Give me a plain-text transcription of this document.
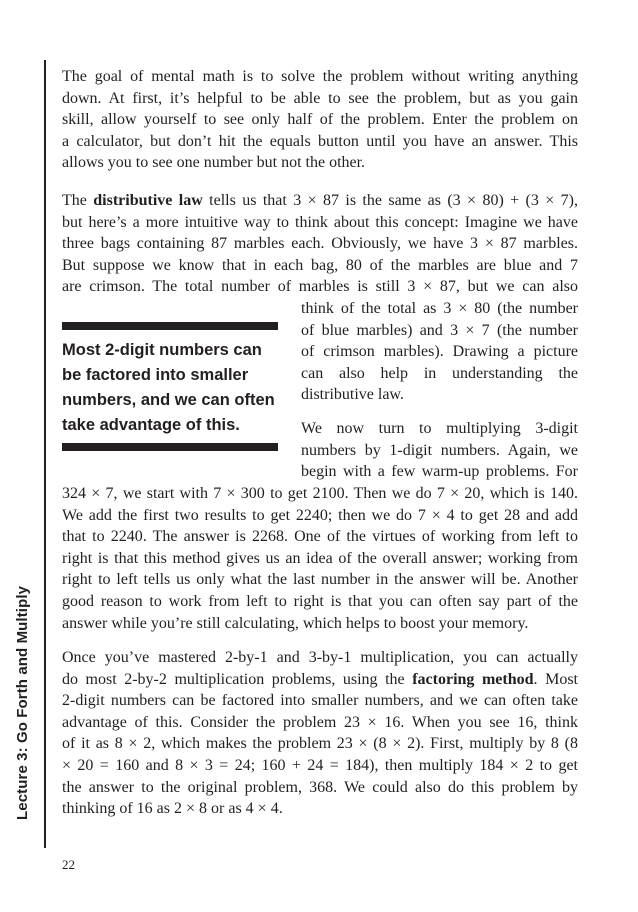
Lecture 3: Go Forth and Multiply
The goal of mental math is to solve the problem without writing anything
down. At first, it’s helpful to be able to see the problem, but as you gain
skill, allow yourself to see only half of the problem. Enter the problem on
a calculator, but don’t hit the equals button until you have an answer. This
allows you to see one number but not the other.
The distributive law tells us that 3 × 87 is the same as (3 × 80) + (3 × 7),
but here’s a more intuitive way to think about this concept: Imagine we have
three bags containing 87 marbles each. Obviously, we have 3 × 87 marbles.
But suppose we know that in each bag, 80 of the marbles are blue and 7
are crimson. The total number of marbles is still 3 × 87, but we can also
think of the total as 3 × 80 (the number
of blue marbles) and 3 × 7 (the number
of crimson marbles). Drawing a picture
can also help in understanding the
distributive law.
Most 2-digit numbers can
be factored into smaller
numbers, and we can often
take advantage of this.	We now turn to multiplying 3-digit
numbers by 1-digit numbers. Again, we
begin with a few warm-up problems. For
324 × 7, we start with 7 × 300 to get 2100. Then we do 7 × 20, which is 140.
We add the first two results to get 2240; then we do 7 × 4 to get 28 and add
that to 2240. The answer is 2268. One of the virtues of working from left to
right is that this method gives us an idea of the overall answer; working from
right to left tells us only what the last number in the answer will be. Another
good reason to work from left to right is that you can often say part of the
answer while you’re still calculating, which helps to boost your memory.
Once you’ve mastered 2-by-1 and 3-by-1 multiplication, you can actually
do most 2-by-2 multiplication problems, using the factoring method. Most
2-digit numbers can be factored into smaller numbers, and we can often take
advantage of this. Consider the problem 23 × 16. When you see 16, think
of it as 8 × 2, which makes the problem 23 × (8 × 2). First, multiply by 8 (8
× 20 = 160 and 8 × 3 = 24; 160 + 24 = 184), then multiply 184 × 2 to get
the answer to the original problem, 368. We could also do this problem by
thinking of 16 as 2 × 8 or as 4 × 4.
22
